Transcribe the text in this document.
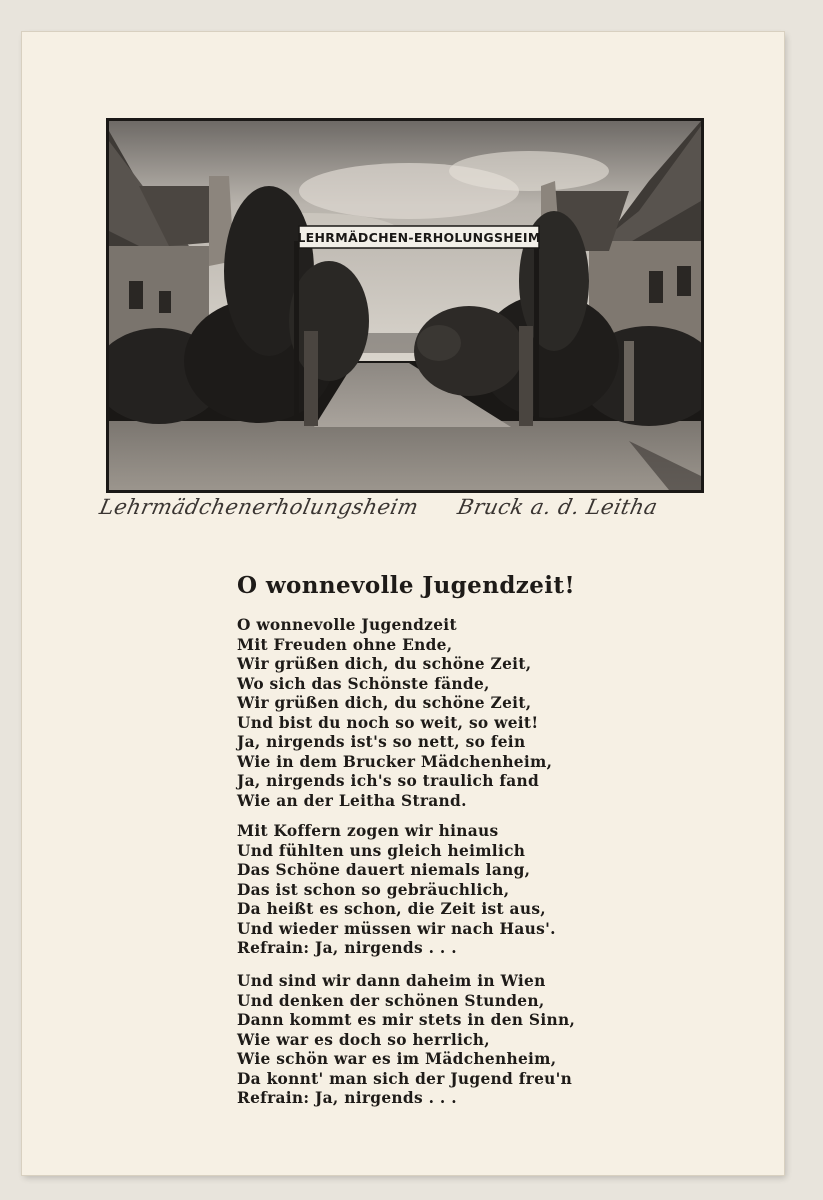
LEHRMÄDCHEN-ERHOLUNGSHEIM
Lehrmädchenerholungsheim Bruck a. d. Leitha
O wonnevolle Jugendzeit!
O wonnevolle Jugendzeit
Mit Freuden ohne Ende,
Wir grüßen dich, du schöne Zeit,
Wo sich das Schönste fände,
Wir grüßen dich, du schöne Zeit,
Und bist du noch so weit, so weit!
Ja, nirgends ist's so nett, so fein
Wie in dem Brucker Mädchenheim,
Ja, nirgends ich's so traulich fand
Wie an der Leitha Strand.
Mit Koffern zogen wir hinaus
Und fühlten uns gleich heimlich
Das Schöne dauert niemals lang,
Das ist schon so gebräuchlich,
Da heißt es schon, die Zeit ist aus,
Und wieder müssen wir nach Haus'.
Refrain: Ja, nirgends . . .
Und sind wir dann daheim in Wien
Und denken der schönen Stunden,
Dann kommt es mir stets in den Sinn,
Wie war es doch so herrlich,
Wie schön war es im Mädchenheim,
Da konnt' man sich der Jugend freu'n
Refrain: Ja, nirgends . . .
